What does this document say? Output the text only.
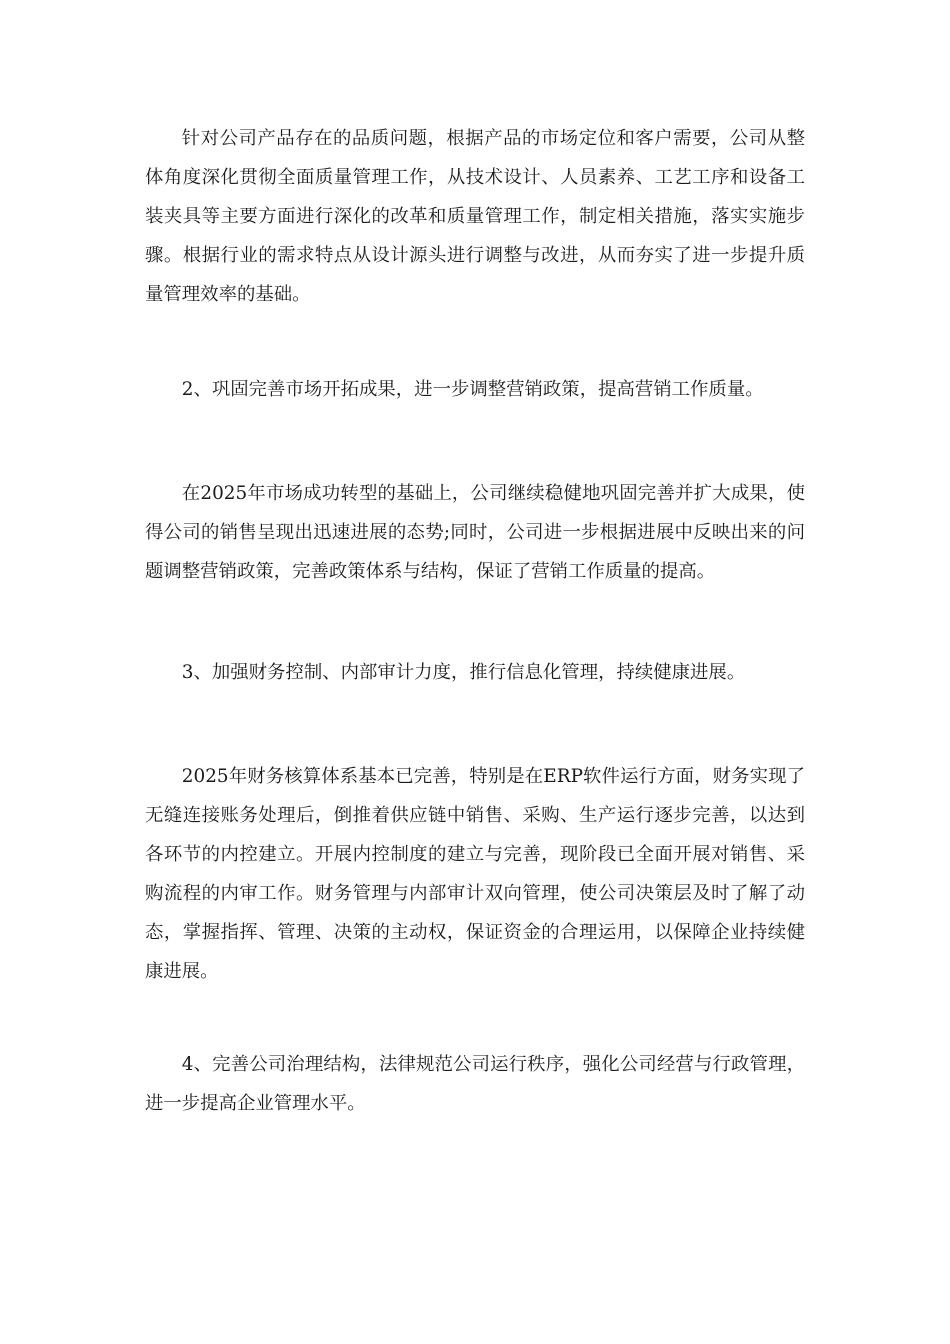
针对公司产品存在的品质问题，根据产品的市场定位和客户需要，公司从整体角度深化贯彻全面质量管理工作，从技术设计、人员素养、工艺工序和设备工装夹具等主要方面进行深化的改革和质量管理工作，制定相关措施，落实实施步骤。根据行业的需求特点从设计源头进行调整与改进，从而夯实了进一步提升质量管理效率的基础。

2、巩固完善市场开拓成果，进一步调整营销政策，提高营销工作质量。

在2025年市场成功转型的基础上，公司继续稳健地巩固完善并扩大成果，使得公司的销售呈现出迅速进展的态势;同时，公司进一步根据进展中反映出来的问题调整营销政策，完善政策体系与结构，保证了营销工作质量的提高。

3、加强财务控制、内部审计力度，推行信息化管理，持续健康进展。

2025年财务核算体系基本已完善，特别是在ERP软件运行方面，财务实现了无缝连接账务处理后，倒推着供应链中销售、采购、生产运行逐步完善，以达到各环节的内控建立。开展内控制度的建立与完善，现阶段已全面开展对销售、采购流程的内审工作。财务管理与内部审计双向管理，使公司决策层及时了解了动态，掌握指挥、管理、决策的主动权，保证资金的合理运用，以保障企业持续健康进展。

4、完善公司治理结构，法律规范公司运行秩序，强化公司经营与行政管理，进一步提高企业管理水平。
